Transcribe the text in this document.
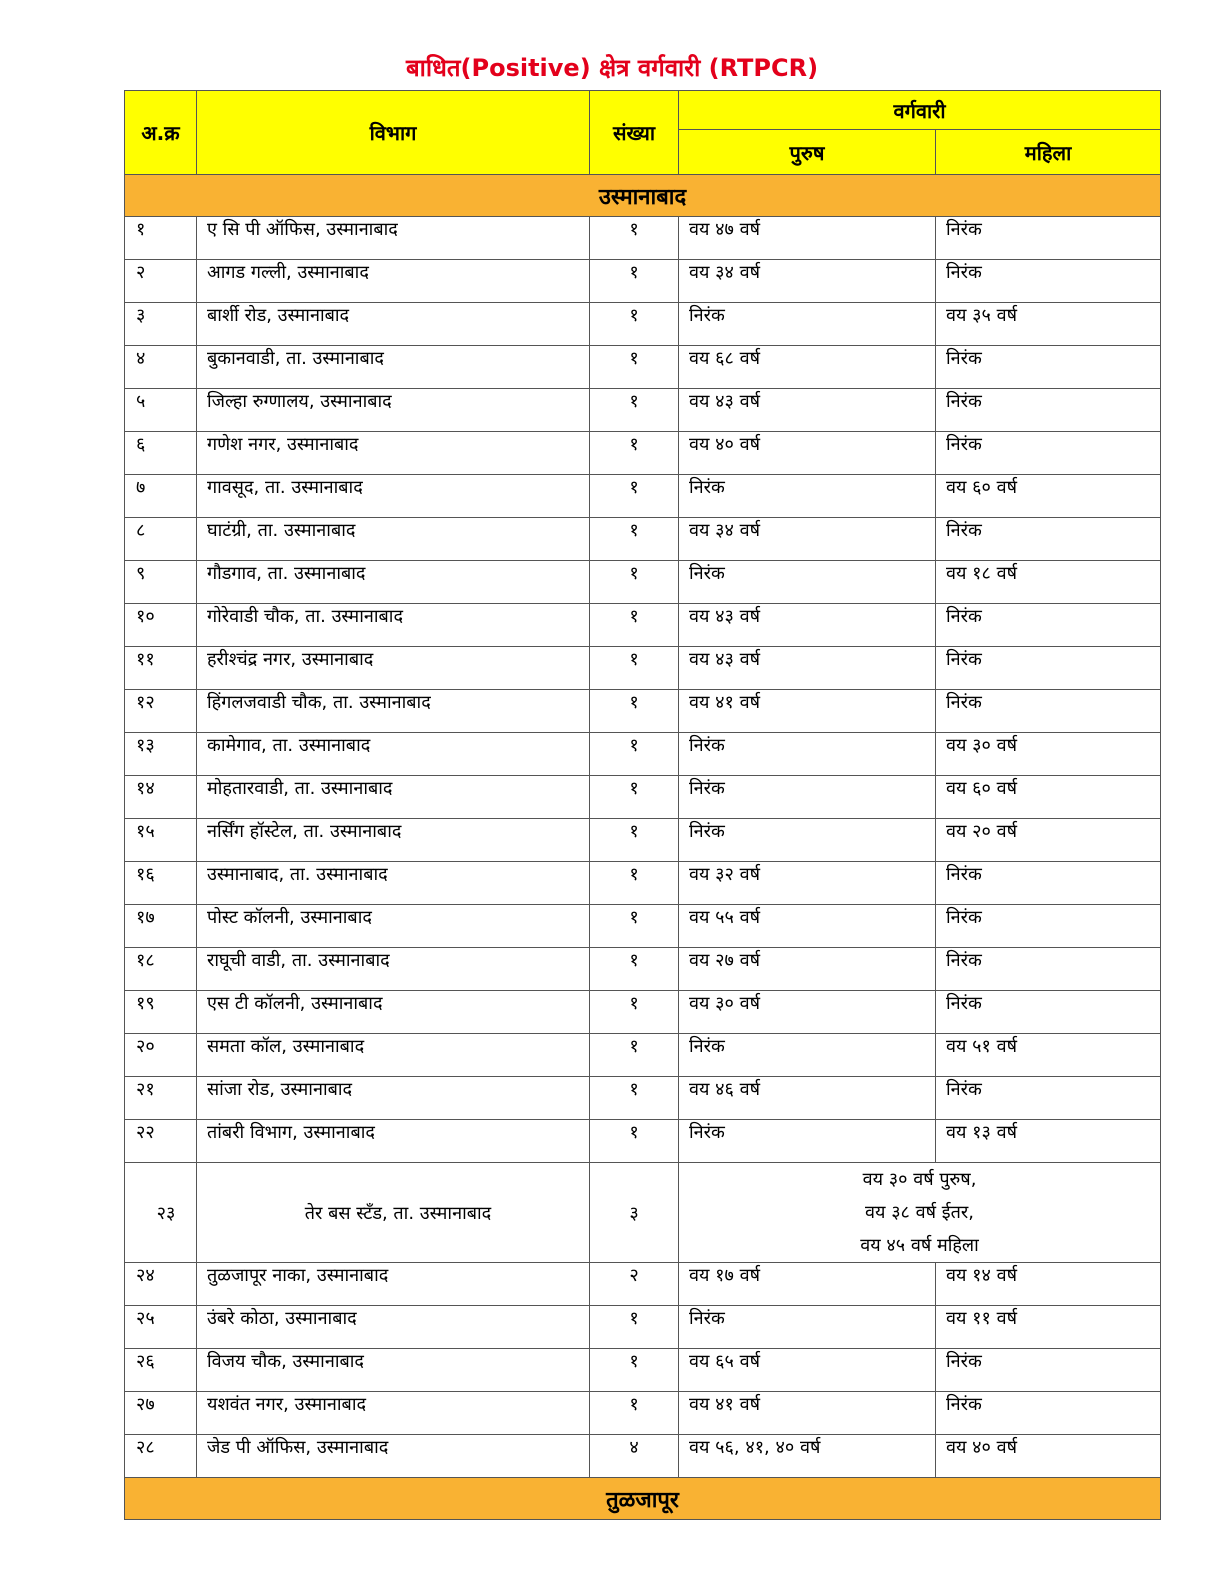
बाधित(Positive) क्षेत्र वर्गवारी (RTPCR)
अ.क्र	विभाग	संख्या	वर्गवारी	
			पुरुष	महिला
उस्मानाबाद				
१	ए सि पी ऑफिस, उस्मानाबाद	१	वय ४७ वर्ष	निरंक
२	आगड गल्ली, उस्मानाबाद	१	वय ३४ वर्ष	निरंक
३	बार्शी रोड, उस्मानाबाद	१	निरंक	वय ३५ वर्ष
४	बुकानवाडी, ता. उस्मानाबाद	१	वय ६८ वर्ष	निरंक
५	जिल्हा रुग्णालय, उस्मानाबाद	१	वय ४३ वर्ष	निरंक
६	गणेश नगर, उस्मानाबाद	१	वय ४० वर्ष	निरंक
७	गावसूद, ता. उस्मानाबाद	१	निरंक	वय ६० वर्ष
८	घाटंग्री, ता. उस्मानाबाद	१	वय ३४ वर्ष	निरंक
९	गौडगाव, ता. उस्मानाबाद	१	निरंक	वय १८ वर्ष
१०	गोरेवाडी चौक, ता. उस्मानाबाद	१	वय ४३ वर्ष	निरंक
११	हरीश्चंद्र नगर, उस्मानाबाद	१	वय ४३ वर्ष	निरंक
१२	हिंगलजवाडी चौक, ता. उस्मानाबाद	१	वय ४१ वर्ष	निरंक
१३	कामेगाव, ता. उस्मानाबाद	१	निरंक	वय ३० वर्ष
१४	मोहतारवाडी, ता. उस्मानाबाद	१	निरंक	वय ६० वर्ष
१५	नर्सिंग हॉस्टेल, ता. उस्मानाबाद	१	निरंक	वय २० वर्ष
१६	उस्मानाबाद, ता. उस्मानाबाद	१	वय ३२ वर्ष	निरंक
१७	पोस्ट कॉलनी, उस्मानाबाद	१	वय ५५ वर्ष	निरंक
१८	राघूची वाडी, ता. उस्मानाबाद	१	वय २७ वर्ष	निरंक
१९	एस टी कॉलनी, उस्मानाबाद	१	वय ३० वर्ष	निरंक
२०	समता कॉल, उस्मानाबाद	१	निरंक	वय ५१ वर्ष
२१	सांजा रोड, उस्मानाबाद	१	वय ४६ वर्ष	निरंक
२२	तांबरी विभाग, उस्मानाबाद	१	निरंक	वय १३ वर्ष
२३	तेर बस स्टँड, ता. उस्मानाबाद	३	वय ३० वर्ष पुरुष,
वय ३८ वर्ष ईतर,
वय ४५ वर्ष महिला	

२४	तुळजापूर नाका, उस्मानाबाद	२	वय १७ वर्ष	वय १४ वर्ष
२५	उंबरे कोठा, उस्मानाबाद	१	निरंक	वय ११ वर्ष
२६	विजय चौक, उस्मानाबाद	१	वय ६५ वर्ष	निरंक
२७	यशवंत नगर, उस्मानाबाद	१	वय ४१ वर्ष	निरंक
२८	जेड पी ऑफिस, उस्मानाबाद	४	वय ५६, ४१, ४० वर्ष	वय ४० वर्ष
तुळजापूर				
